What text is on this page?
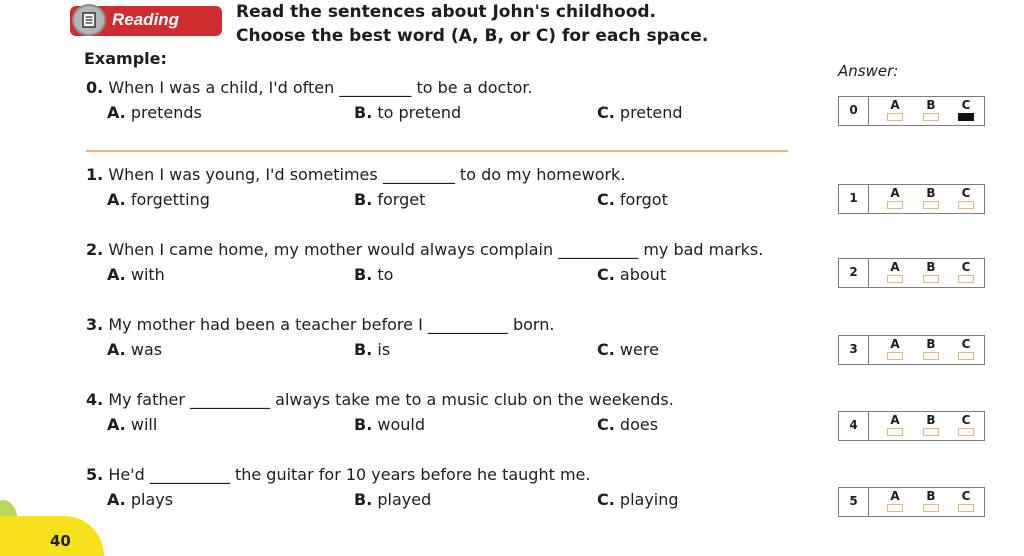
Reading	Read the sentences about John's childhood.
Choose the best word (A, B, or C) for each space.
Example:
Answer:
0. When I was a child, I'd often _________ to be a doctor.
A. pretends	B. to pretend	C. pretend	0	A B C
1. When I was young, I'd sometimes _________ to do my homework.
A. forgetting	B. forget	C. forgot	1	A B C
2. When I came home, my mother would always complain __________ my bad marks.
A. with	B. to	C. about	2	A B C
3. My mother had been a teacher before I __________ born.
A. was	B. is	C. were	3	A B C
4. My father __________ always take me to a music club on the weekends.
A. will	B. would	C. does	4	A B C
5. He'd __________ the guitar for 10 years before he taught me.
A. plays	B. played	C. playing	5	A B C
40
